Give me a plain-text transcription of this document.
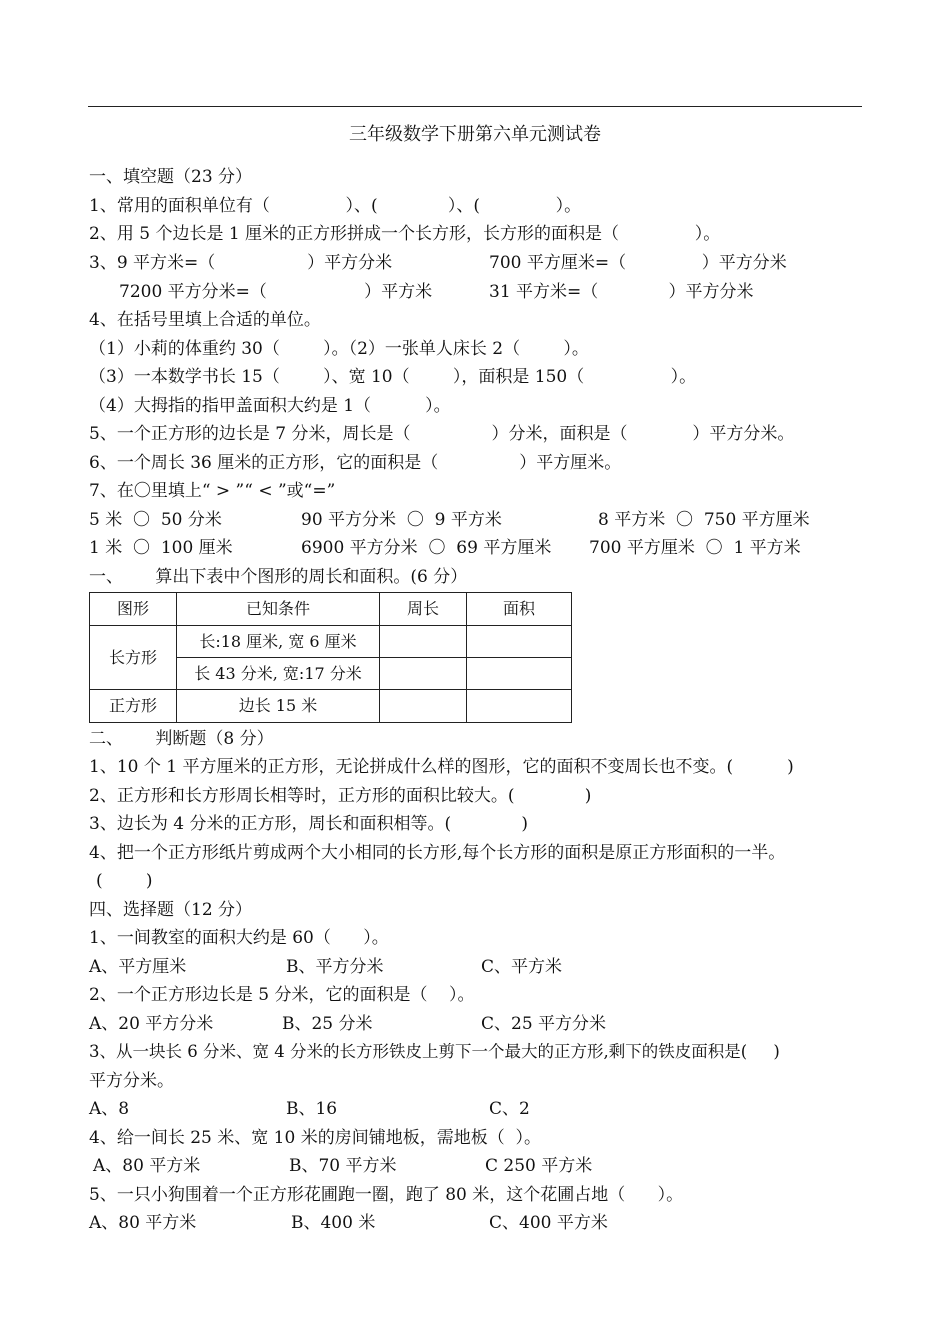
三年级数学下册第六单元测试卷
一、填空题（23 分）
1、常用的面积单位有（              ）、(             ）、(              ）。
2、用 5 个边长是 1 厘米的正方形拼成一个长方形，长方形的面积是（              ）。
3、9 平方米=（                 ）平方分米	700 平方厘米=（              ）平方分米
7200 平方分米=（                  ）平方米	31 平方米=（             ）平方分米
4、在括号里填上合适的单位。
（1）小莉的体重约 30（        ）。（2）一张单人床长 2（        ）。
（3）一本数学书长 15（        ）、宽 10（        ），面积是 150（                ）。
（4）大拇指的指甲盖面积大约是 1（          ）。
5、一个正方形的边长是 7 分米，周长是（               ）分米，面积是（            ）平方分米。
6、一个周长 36 厘米的正方形，它的面积是（               ）平方厘米。
7、在〇里填上“ > ”“ < ”或“=”
5 米  〇  50 分米	90 平方分米  〇  9 平方米	8 平方米  〇  750 平方厘米
1 米  〇  100 厘米	6900 平方分米  〇  69 平方厘米 700 平方厘米  〇  1 平方米
一、      算出下表中个图形的周长和面积。(6 分）
图形	已知条件	周长	面积
长方形	长:18 厘米, 宽 6 厘米		
	长 43 分米, 宽:17 分米		
正方形	边长 15 米		
二、      判断题（8 分）
1、10 个 1 平方厘米的正方形，无论拼成什么样的图形，它的面积不变周长也不变。(          )
2、正方形和长方形周长相等时，正方形的面积比较大。(             )
3、边长为 4 分米的正方形，周长和面积相等。(             )
4、把一个正方形纸片剪成两个大小相同的长方形,每个长方形的面积是原正方形面积的一半。
(        )
四、选择题（12 分）
1、一间教室的面积大约是 60（      ）。
A、平方厘米	B、平方分米	C、平方米
2、一个正方形边长是 5 分米，它的面积是（    ）。
A、20 平方分米	B、25 分米	C、25 平方分米
3、从一块长 6 分米、宽 4 分米的长方形铁皮上剪下一个最大的正方形,剩下的铁皮面积是(     )
平方分米。
A、8	B、16	C、2
4、给一间长 25 米、宽 10 米的房间铺地板，需地板（  ）。
A、80 平方米	B、70 平方米	C 250 平方米
5、一只小狗围着一个正方形花圃跑一圈，跑了 80 米，这个花圃占地（      ）。
A、80 平方米	B、400 米	C、400 平方米
